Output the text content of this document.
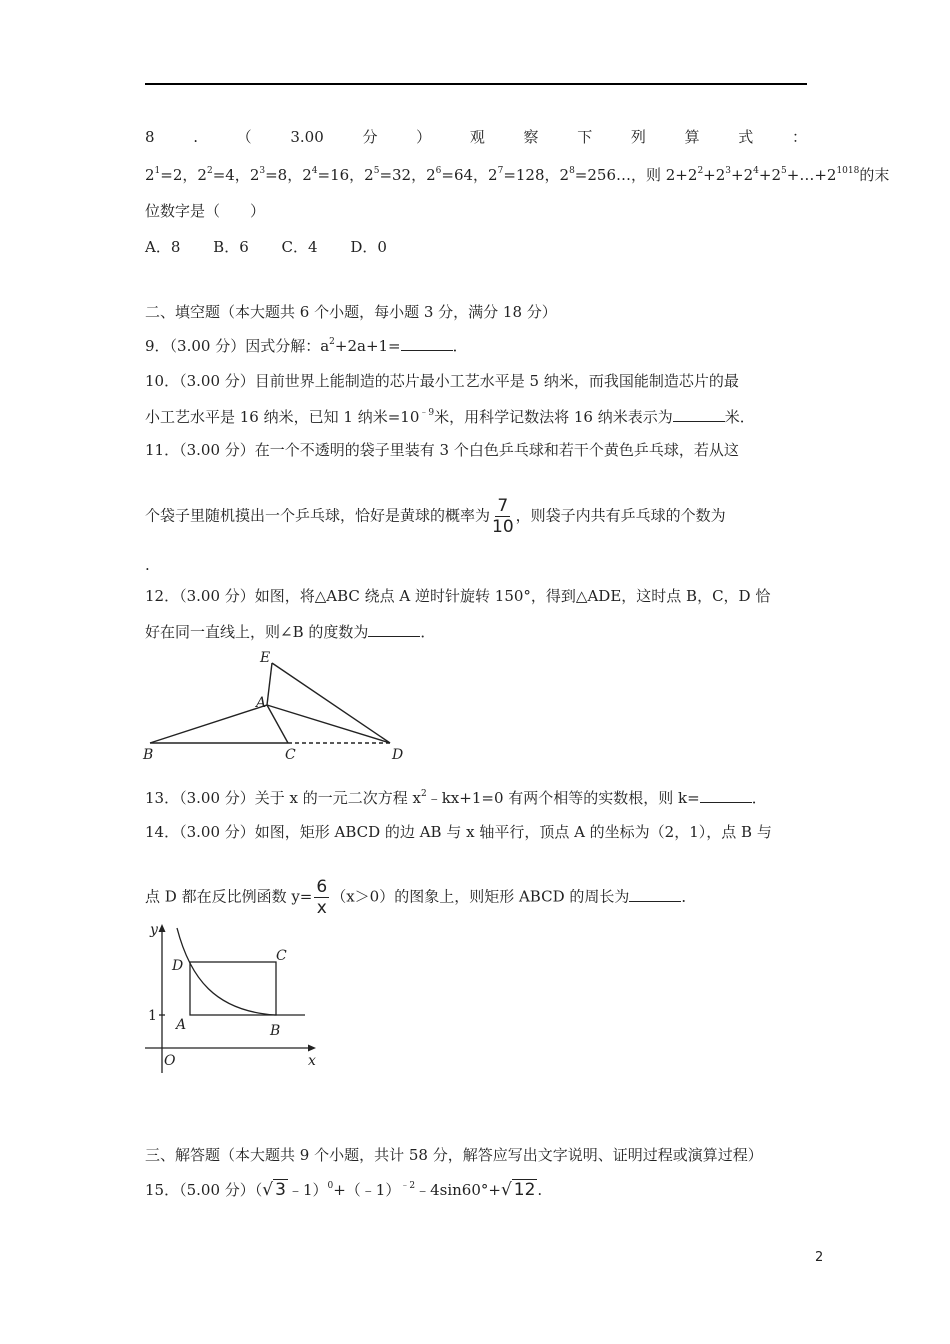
8	.	（	3.00	分	）	观	察	下	列	算	式	：
$2^1=2$，$2^2=4$，$2^3=8$，$2^4=16$，$2^5=32$，$2^6=64$，$2^7=128$，$2^8=256\dots$，则 $2+2^2+2^3+2^4+2^5+\dots+2^{1018}$的末
位数字是（　　）
A．8 B．6 C．4 D．0
二、填空题（本大题共 6 个小题，每小题 3 分，满分 18 分）
9．（3.00 分）因式分解：$a^2+2a+1=$	．
10．（3.00 分）目前世界上能制造的芯片最小工艺水平是 5 纳米，而我国能制造芯片的最
小工艺水平是 16 纳米，已知 1 纳米$=10^{﹣9}$米，用科学记数法将 16 纳米表示为	米．
11．（3.00 分）在一个不透明的袋子里装有 3 个白色乒乓球和若干个黄色乒乓球，若从这
个袋子里随机摸出一个乒乓球，恰好是黄球的概率为 $\frac{7}{10}$ ，则袋子内共有乒乓球的个数为
.
12．（3.00 分）如图，将△ABC 绕点 A 逆时针旋转 150°，得到△ADE，这时点 B，C，D 恰
好在同一直线上，则∠B 的度数为	．
E
A
B	C	D
13．（3.00 分）关于 x 的一元二次方程 $x^2﹣kx+1=0$ 有两个相等的实数根，则 k=	．
14．（3.00 分）如图，矩形 ABCD 的边 AB 与 x 轴平行，顶点 A 的坐标为（2，1），点 B 与
点 D 都在反比例函数 $y= \frac{6}{x} (x>0)$的图象上，则矩形 ABCD 的周长为	．
y
x
O
1
A	B
C
D
三、解答题（本大题共 9 个小题，共计 58 分，解答应写出文字说明、证明过程或演算过程）
15．（5.00 分）（√ 3 ﹣1）$^0$+（﹣1）$^{﹣2}$﹣4sin60°+√ 12 .
2
